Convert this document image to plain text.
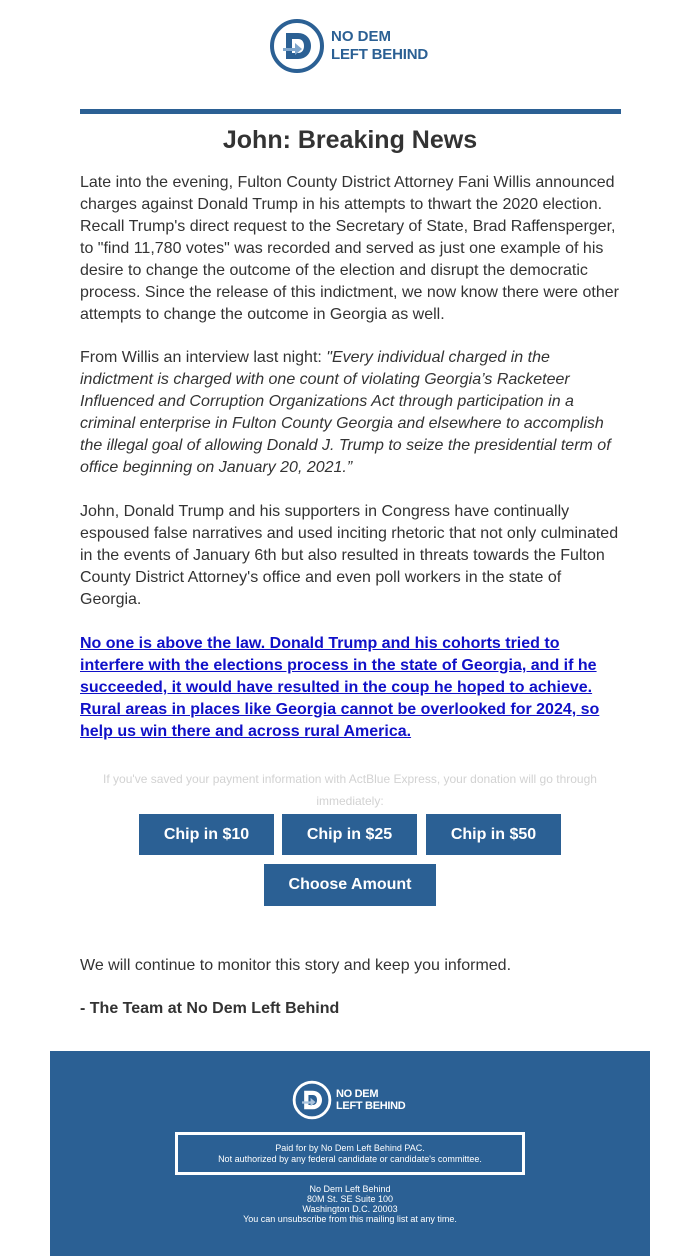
NO DEM
LEFT BEHIND
John: Breaking News

Late into the evening, Fulton County District Attorney Fani Willis announced charges against Donald Trump in his attempts to thwart the 2020 election. Recall Trump's direct request to the Secretary of State, Brad Raffensperger, to "find 11,780 votes" was recorded and served as just one example of his desire to change the outcome of the election and disrupt the democratic process. Since the release of this indictment, we now know there were other attempts to change the outcome in Georgia as well.

From Willis an interview last night: "Every individual charged in the indictment is charged with one count of violating Georgia’s Racketeer Influenced and Corruption Organizations Act through participation in a criminal enterprise in Fulton County Georgia and elsewhere to accomplish the illegal goal of allowing Donald J. Trump to seize the presidential term of office beginning on January 20, 2021.”

John, Donald Trump and his supporters in Congress have continually espoused false narratives and used inciting rhetoric that not only culminated in the events of January 6th but also resulted in threats towards the Fulton County District Attorney's office and even poll workers in the state of Georgia.

No one is above the law. Donald Trump and his cohorts tried to interfere with the elections process in the state of Georgia, and if he succeeded, it would have resulted in the coup he hoped to achieve. Rural areas in places like Georgia cannot be overlooked for 2024, so help us win there and across rural America.

If you've saved your payment information with ActBlue Express, your donation will go through immediately:

Chip in $10	Chip in $25	Chip in $50
Choose Amount

We will continue to monitor this story and keep you informed.

- The Team at No Dem Left Behind

NO DEM
LEFT BEHIND
Paid for by No Dem Left Behind PAC.
Not authorized by any federal candidate or candidate's committee.
No Dem Left Behind
80M St. SE Suite 100
Washington D.C. 20003
You can unsubscribe from this mailing list at any time.
